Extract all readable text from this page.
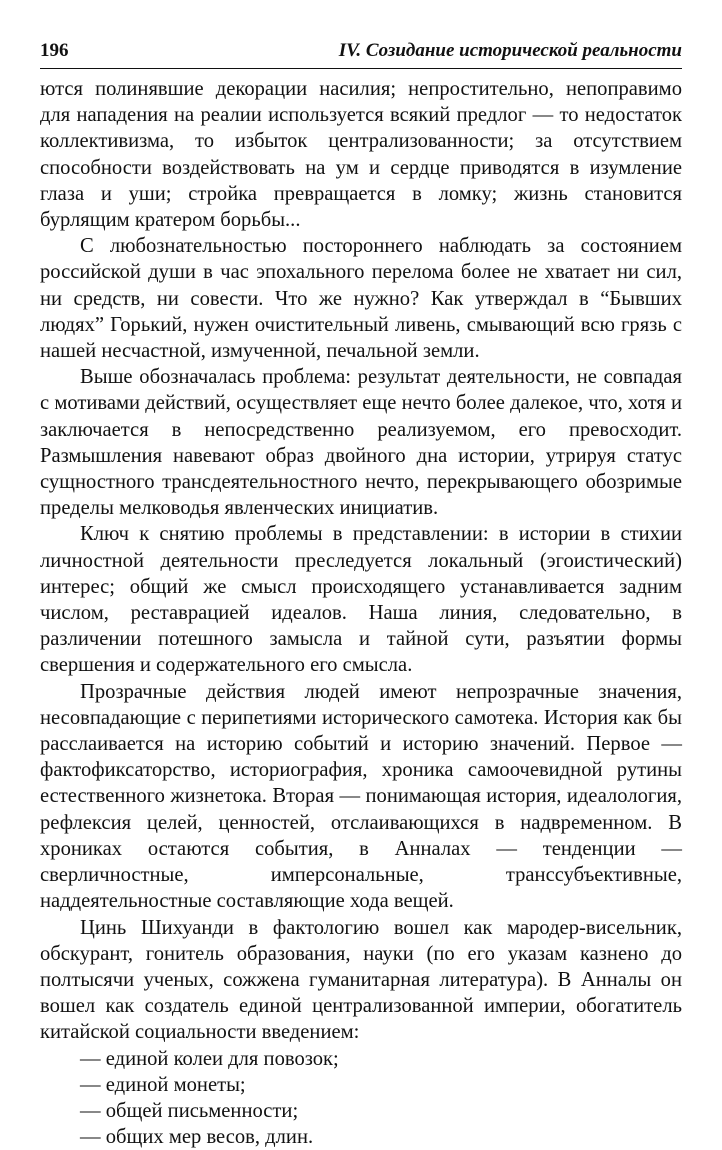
196	IV. Созидание исторической реальности

ются полинявшие декорации насилия; непростительно, непоправимо для нападения на реалии используется всякий предлог — то недостаток коллективизма, то избыток централизованности; за отсутствием способности воздействовать на ум и сердце приводятся в изумление глаза и уши; стройка превращается в ломку; жизнь становится бурлящим кратером борьбы...

С любознательностью постороннего наблюдать за состоянием российской души в час эпохального перелома более не хватает ни сил, ни средств, ни совести. Что же нужно? Как утверждал в “Бывших людях” Горький, нужен очистительный ливень, смывающий всю грязь с нашей несчастной, измученной, печальной земли.

Выше обозначалась проблема: результат деятельности, не совпадая с мотивами действий, осуществляет еще нечто более далекое, что, хотя и заключается в непосредственно реализуемом, его превосходит. Размышления навевают образ двойного дна истории, утрируя статус сущностного трансдеятельностного нечто, перекрывающего обозримые пределы мелководья явленческих инициатив.

Ключ к снятию проблемы в представлении: в истории в стихии личностной деятельности преследуется локальный (эгоистический) интерес; общий же смысл происходящего устанавливается задним числом, реставрацией идеалов. Наша линия, следовательно, в различении потешного замысла и тайной сути, разъятии формы свершения и содержательного его смысла.

Прозрачные действия людей имеют непрозрачные значения, несовпадающие с перипетиями исторического самотека. История как бы расслаивается на историю событий и историю значений. Первое — фактофиксаторство, историография, хроника самоочевидной рутины естественного жизнетока. Вторая — понимающая история, идеалология, рефлексия целей, ценностей, отслаивающихся в надвременном. В хрониках остаются события, в Анналах — тенденции — сверличностные, имперсональные, транссубъективные, наддеятельностные составляющие хода вещей.

Цинь Шихуанди в фактологию вошел как мародер-висельник, обскурант, гонитель образования, науки (по его указам казнено до полтысячи ученых, сожжена гуманитарная литература). В Анналы он вошел как создатель единой централизованной империи, обогатитель китайской социальности введением:

— единой колеи для повозок;
— единой монеты;
— общей письменности;
— общих мер весов, длин.
